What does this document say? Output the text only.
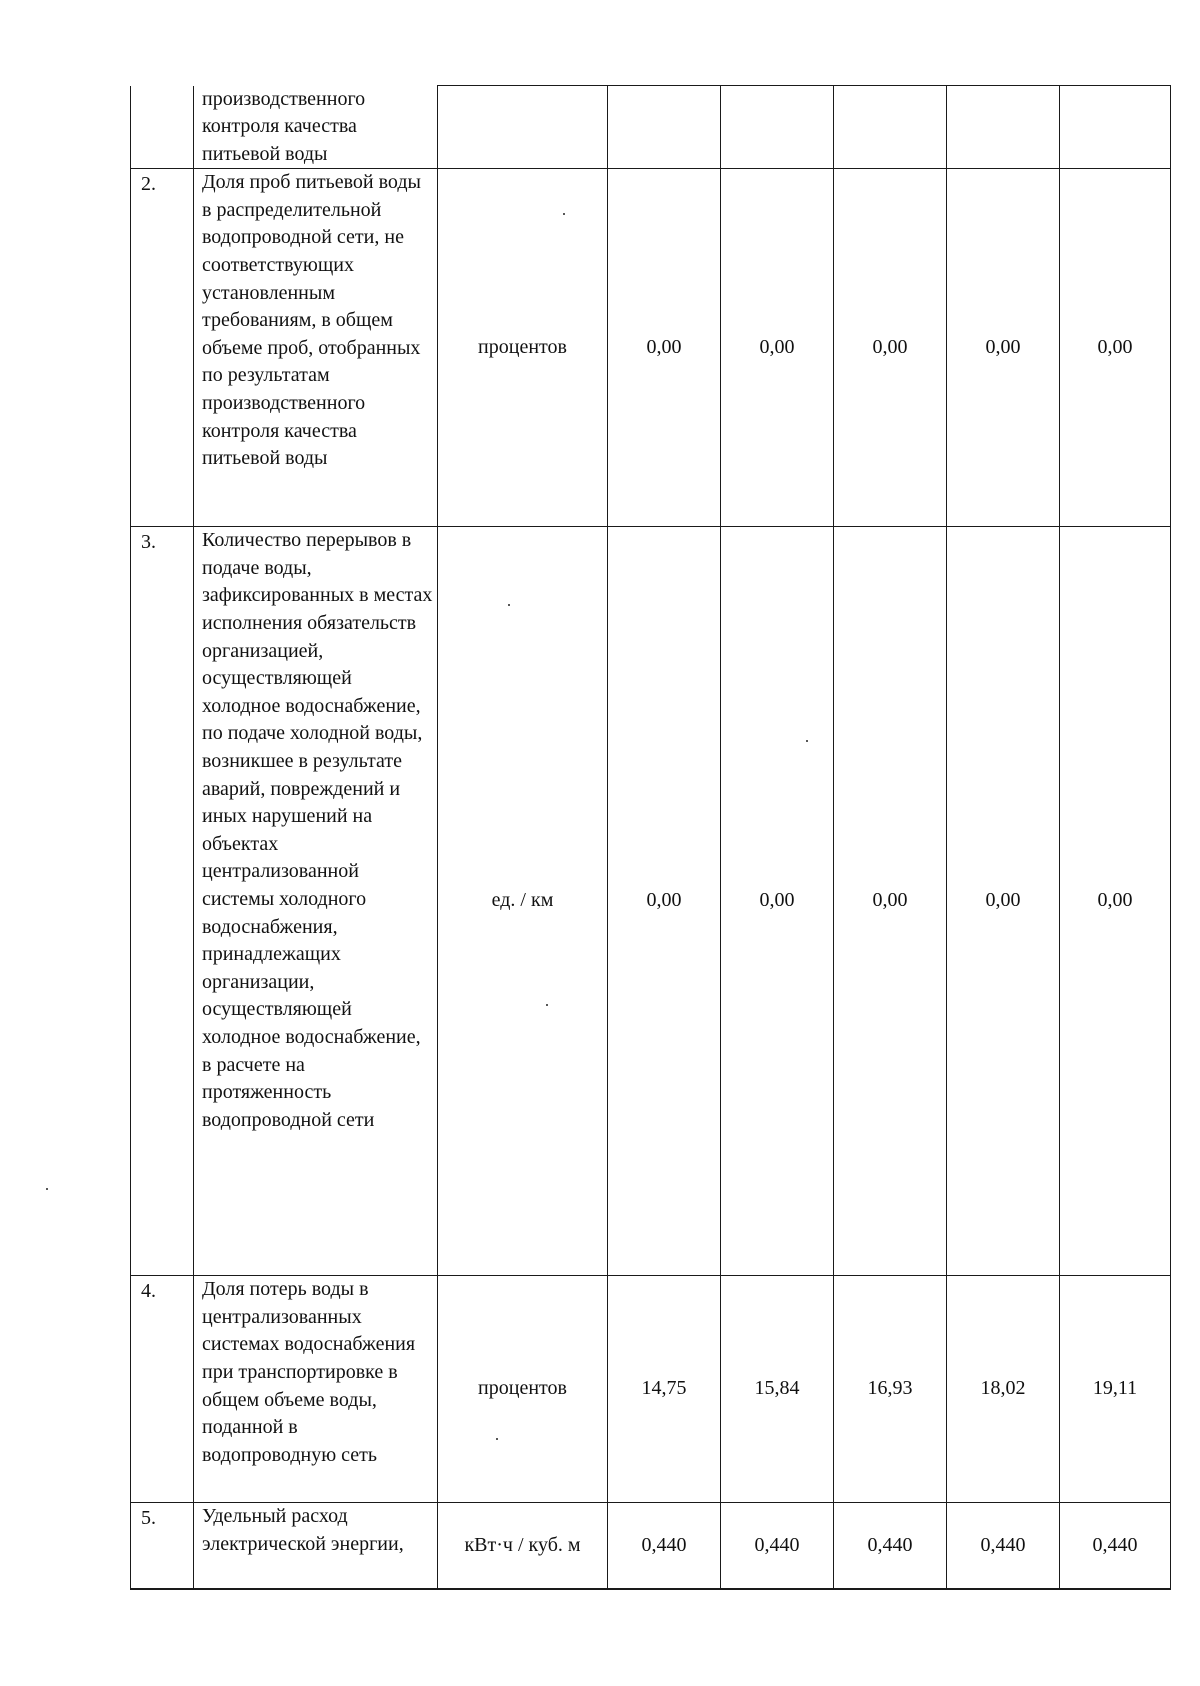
	производственного контроля качества питьевой воды						
2.	Доля проб питьевой воды в распределительной водопроводной сети, не соответствующих установленным требованиям, в общем объеме проб, отобранных по результатам производственного контроля качества питьевой воды	процентов	0,00	0,00	0,00	0,00	0,00
3.	Количество перерывов в подаче воды, зафиксированных в местах исполнения обязательств организацией, осуществляющей холодное водоснабжение, по подаче холодной воды, возникшее в результате аварий, повреждений и иных нарушений на объектах централизованной системы холодного водоснабжения, принадлежащих организации, осуществляющей холодное водоснабжение, в расчете на протяженность водопроводной сети	ед. / км	0,00	0,00	0,00	0,00	0,00
4.	Доля потерь воды в централизованных системах водоснабжения при транспортировке в общем объеме воды, поданной в водопроводную сеть	процентов	14,75	15,84	16,93	18,02	19,11
5.	Удельный расход электрической энергии,	кВт·ч / куб. м	0,440	0,440	0,440	0,440	0,440
